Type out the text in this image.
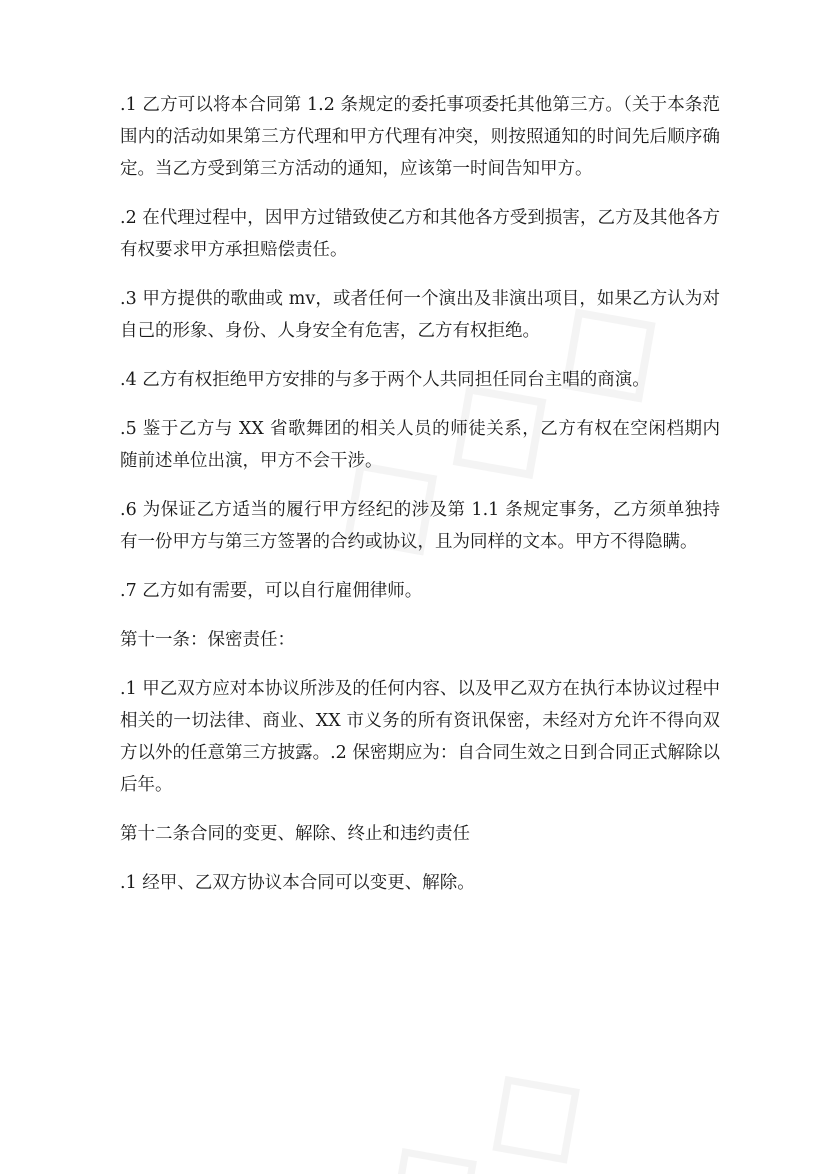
.1 乙方可以将本合同第 1.2 条规定的委托事项委托其他第三方。（关于本条范围内的活动如果第三方代理和甲方代理有冲突，则按照通知的时间先后顺序确定。当乙方受到第三方活动的通知，应该第一时间告知甲方。

.2 在代理过程中，因甲方过错致使乙方和其他各方受到损害，乙方及其他各方有权要求甲方承担赔偿责任。

.3 甲方提供的歌曲或 mv，或者任何一个演出及非演出项目，如果乙方认为对自己的形象、身份、人身安全有危害，乙方有权拒绝。

.4 乙方有权拒绝甲方安排的与多于两个人共同担任同台主唱的商演。

.5 鉴于乙方与 XX 省歌舞团的相关人员的师徒关系，乙方有权在空闲档期内随前述单位出演，甲方不会干涉。

.6 为保证乙方适当的履行甲方经纪的涉及第 1.1 条规定事务，乙方须单独持有一份甲方与第三方签署的合约或协议，且为同样的文本。甲方不得隐瞒。

.7 乙方如有需要，可以自行雇佣律师。

第十一条：保密责任：

.1 甲乙双方应对本协议所涉及的任何内容、以及甲乙双方在执行本协议过程中相关的一切法律、商业、XX 市义务的所有资讯保密，未经对方允许不得向双方以外的任意第三方披露。.2 保密期应为：自合同生效之日到合同正式解除以后年。

第十二条合同的变更、解除、终止和违约责任

.1 经甲、乙双方协议本合同可以变更、解除。
